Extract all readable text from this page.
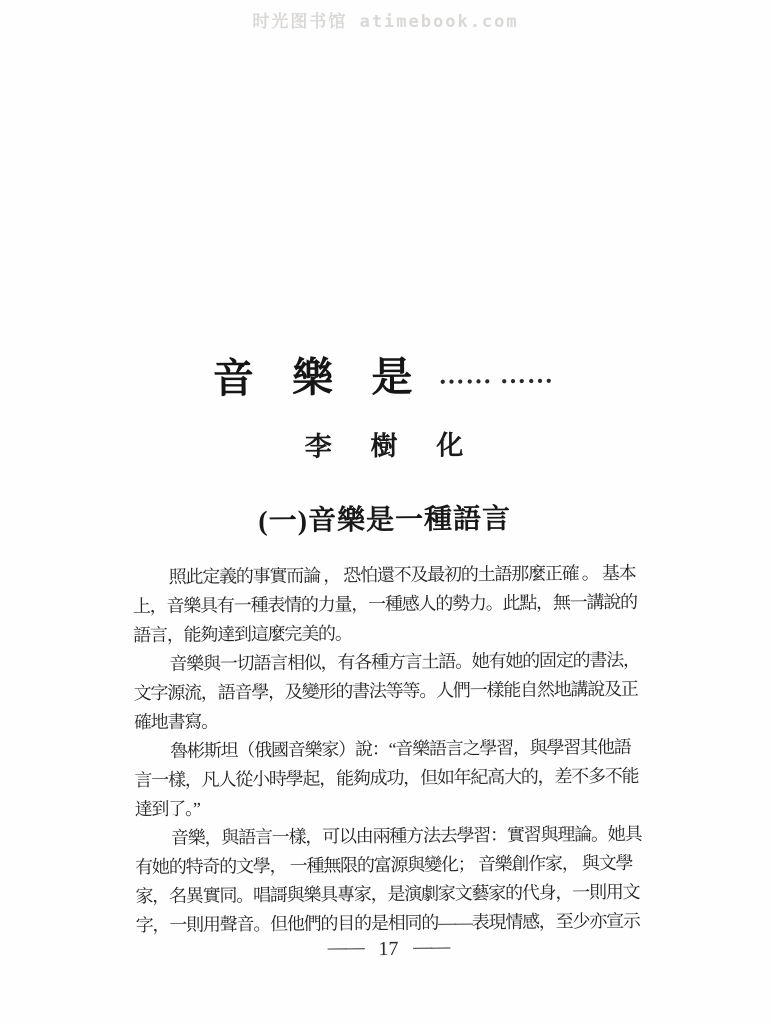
时光图书馆 atimebook.com
音 樂 是 …… ……
李 樹 化
(一)音樂是一種語言
照此定義的事實而論 ， 恐怕還不及最初的土語那麼正確 。 基本
上，音樂具有一種表情的力量，一種感人的勢力。此點，無一講說的
語言，能夠達到這麼完美的。
音樂與一切語言相似，有各種方言土語。她有她的固定的書法，
文字源流，語音學，及變形的書法等等。人們一樣能自然地講說及正
確地書寫。
魯彬斯坦（俄國音樂家）說：“音樂語言之學習，與學習其他語
言一樣，凡人從小時學起，能夠成功，但如年紀高大的，差不多不能
達到了。”
音樂，與語言一樣，可以由兩種方法去學習：實習與理論。她具
有她的特奇的文學， 一種無限的富源與變化； 音樂創作家， 與文學
家，名異實同。唱謌與樂具專家，是演劇家文藝家的代身，一則用文
字，一則用聲音。但他們的目的是相同的——表現情感，至少亦宣示
—— 17 ——
